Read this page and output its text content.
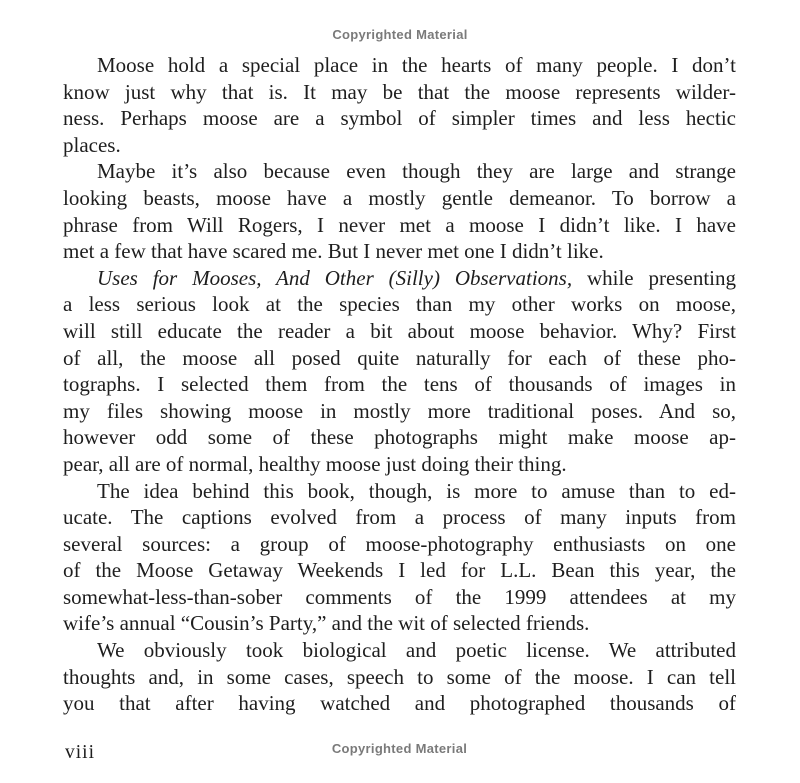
Copyrighted Material
Moose hold a special place in the hearts of many people. I don’t
know just why that is. It may be that the moose represents wilder-
ness. Perhaps moose are a symbol of simpler times and less hectic
places.
Maybe it’s also because even though they are large and strange
looking beasts, moose have a mostly gentle demeanor. To borrow a
phrase from Will Rogers, I never met a moose I didn’t like. I have
met a few that have scared me. But I never met one I didn’t like.
Uses for Mooses, And Other (Silly) Observations, while presenting
a less serious look at the species than my other works on moose,
will still educate the reader a bit about moose behavior. Why? First
of all, the moose all posed quite naturally for each of these pho-
tographs. I selected them from the tens of thousands of images in
my files showing moose in mostly more traditional poses. And so,
however odd some of these photographs might make moose ap-
pear, all are of normal, healthy moose just doing their thing.
The idea behind this book, though, is more to amuse than to ed-
ucate. The captions evolved from a process of many inputs from
several sources: a group of moose-photography enthusiasts on one
of the Moose Getaway Weekends I led for L.L. Bean this year, the
somewhat-less-than-sober comments of the 1999 attendees at my
wife’s annual “Cousin’s Party,” and the wit of selected friends.
We obviously took biological and poetic license. We attributed
thoughts and, in some cases, speech to some of the moose. I can tell
you that after having watched and photographed thousands of
Copyrighted Material
viii
